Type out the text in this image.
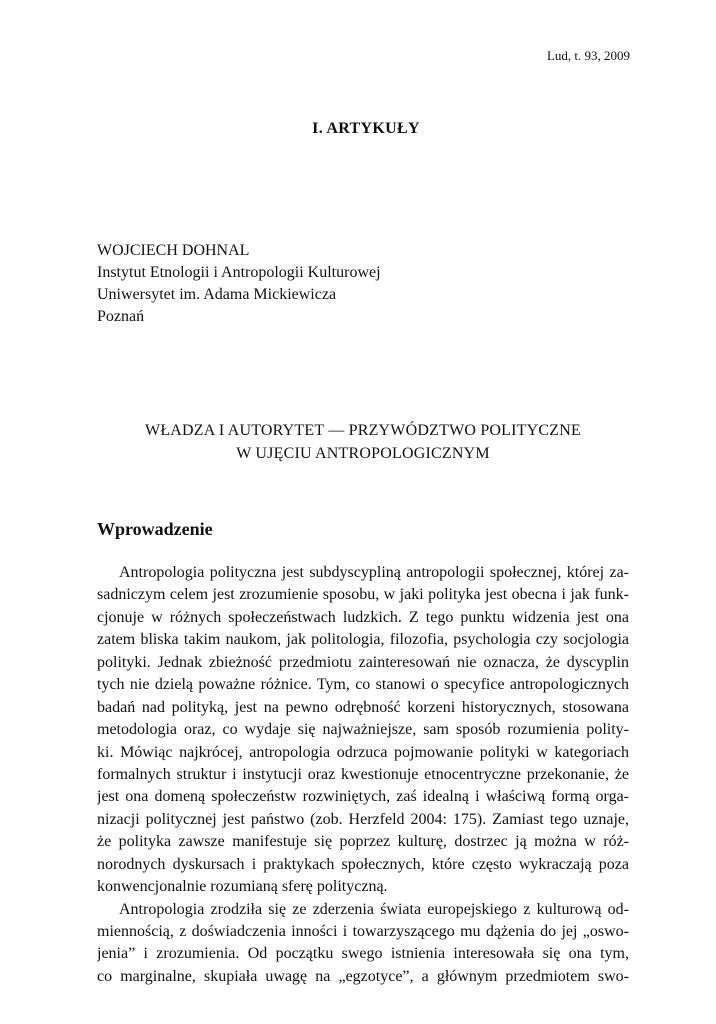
Lud, t. 93, 2009
I. ARTYKUŁY
WOJCIECH DOHNAL
Instytut Etnologii i Antropologii Kulturowej
Uniwersytet im. Adama Mickiewicza
Poznań
WŁADZA I AUTORYTET — PRZYWÓDZTWO POLITYCZNE
W UJĘCIU ANTROPOLOGICZNYM
Wprowadzenie
Antropologia polityczna jest subdyscypliną antropologii społecznej, której za-
sadniczym celem jest zrozumienie sposobu, w jaki polityka jest obecna i jak funk-
cjonuje w różnych społeczeństwach ludzkich. Z tego punktu widzenia jest ona
zatem bliska takim naukom, jak politologia, filozofia, psychologia czy socjologia
polityki. Jednak zbieżność przedmiotu zainteresowań nie oznacza, że dyscyplin
tych nie dzielą poważne różnice. Tym, co stanowi o specyfice antropologicznych
badań nad polityką, jest na pewno odrębność korzeni historycznych, stosowana
metodologia oraz, co wydaje się najważniejsze, sam sposób rozumienia polity-
ki. Mówiąc najkrócej, antropologia odrzuca pojmowanie polityki w kategoriach
formalnych struktur i instytucji oraz kwestionuje etnocentryczne przekonanie, że
jest ona domeną społeczeństw rozwiniętych, zaś idealną i właściwą formą orga-
nizacji politycznej jest państwo (zob. Herzfeld 2004: 175). Zamiast tego uznaje,
że polityka zawsze manifestuje się poprzez kulturę, dostrzec ją można w róż-
norodnych dyskursach i praktykach społecznych, które często wykraczają poza
konwencjonalnie rozumianą sferę polityczną.
Antropologia zrodziła się ze zderzenia świata europejskiego z kulturową od-
miennością, z doświadczenia inności i towarzyszącego mu dążenia do jej „oswo-
jenia” i zrozumienia. Od początku swego istnienia interesowała się ona tym,
co marginalne, skupiała uwagę na „egzotyce”, a głównym przedmiotem swo-
